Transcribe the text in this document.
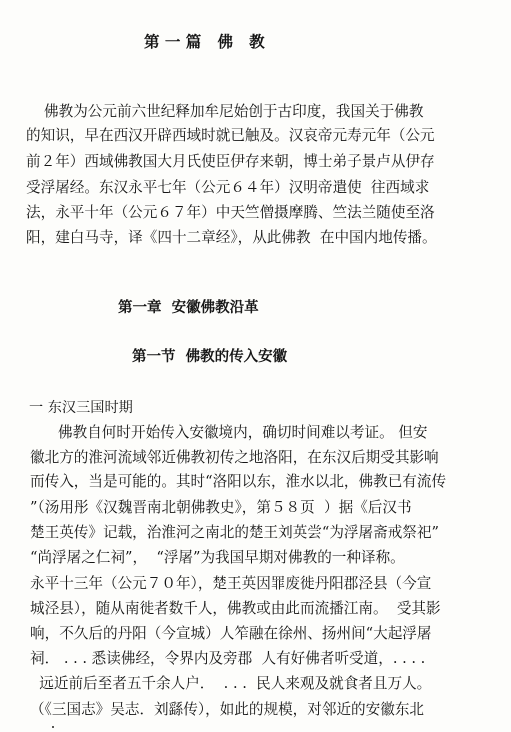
第 一 篇   佛   教
佛教为公元前六世纪释加牟尼始创于古印度，我国关于佛教
的知识，早在西汉开辟西域时就已触及。汉哀帝元寿元年（公元
前２年）西域佛教国大月氏使臣伊存来朝，博士弟子景卢从伊存
受浮屠经。东汉永平七年（公元６４年）汉明帝遣使  往西域求
法，永平十年（公元６７年）中天竺僧摄摩腾、竺法兰随使至洛
阳，建白马寺，译《四十二章经》，从此佛教  在中国内地传播。
第一章  安徽佛教沿革
第一节  佛教的传入安徽
一 东汉三国时期
佛教自何时开始传入安徽境内，确切时间难以考证。 但安
徽北方的淮河流域邻近佛教初传之地洛阳，在东汉后期受其影响
而传入，当是可能的。其时“洛阳以东，淮水以北，佛教已有流传
”（汤用彤《汉魏晋南北朝佛教史》，第５８页  ）据《后汉书
楚王英传》记载，治淮河之南北的楚王刘英尝“为浮屠斋戒祭祀”
“尚浮屠之仁祠”，  “浮屠”为我国早期对佛教的一种译称。
永平十三年（公元７０年），楚王英因罪废徙丹阳郡泾县（今宣
城泾县），随从南徙者数千人，佛教或由此而流播江南。  受其影
响，不久后的丹阳（今宣城）人笮融在徐州、扬州间“大起浮屠
祠． . . . 悉读佛经，令界内及旁郡  人有好佛者听受道，. . . .
远近前后至者五千余人户．  . . .  民人来观及就食者且万人。
（《三国志》吴志．刘繇传），如此的规模，对邻近的安徽东北
